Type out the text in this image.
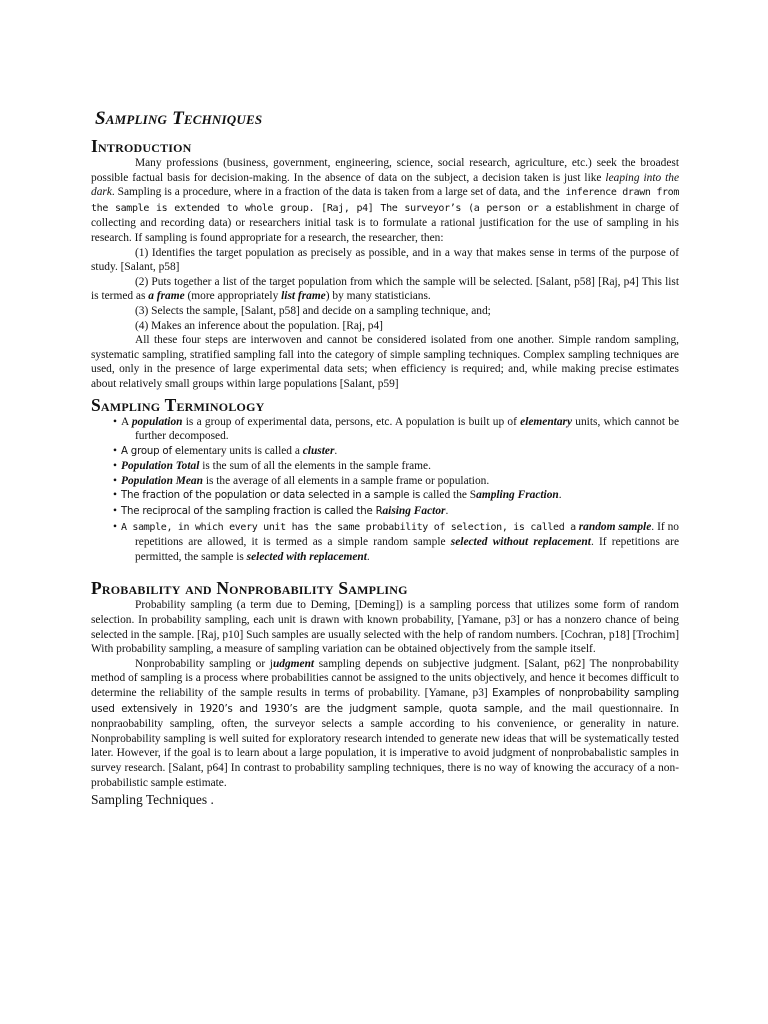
Sampling Techniques
Introduction

Many professions (business, government, engineering, science, social research, agriculture, etc.) seek the broadest possible factual basis for decision-making. In the absence of data on the subject, a decision taken is just like leaping into the dark. Sampling is a procedure, where in a fraction of the data is taken from a large set of data, and the inference drawn from the sample is extended to whole group. [Raj, p4] The surveyor’s (a person or a establishment in charge of collecting and recording data) or researchers initial task is to formulate a rational justification for the use of sampling in his research. If sampling is found appropriate for a research, the researcher, then:

(1) Identifies the target population as precisely as possible, and in a way that makes sense in terms of the purpose of study. [Salant, p58]

(2) Puts together a list of the target population from which the sample will be selected. [Salant, p58] [Raj, p4] This list is termed as a frame (more appropriately list frame) by many statisticians.

(3) Selects the sample, [Salant, p58] and decide on a sampling technique, and;

(4) Makes an inference about the population. [Raj, p4]

All these four steps are interwoven and cannot be considered isolated from one another. Simple random sampling, systematic sampling, stratified sampling fall into the category of simple sampling techniques. Complex sampling techniques are used, only in the presence of large experimental data sets; when efficiency is required; and, while making precise estimates about relatively small groups within large populations [Salant, p59]

Sampling Terminology
• A population is a group of experimental data, persons, etc. A population is built up of elementary units, which cannot be further decomposed.
• A group of elementary units is called a cluster.
• Population Total is the sum of all the elements in the sample frame.
• Population Mean is the average of all elements in a sample frame or population.
• The fraction of the population or data selected in a sample is called the Sampling Fraction.
• The reciprocal of the sampling fraction is called the Raising Factor.
• A sample, in which every unit has the same probability of selection, is called a random sample. If no repetitions are allowed, it is termed as a simple random sample selected without replacement. If repetitions are permitted, the sample is selected with replacement.
Probability and Nonprobability Sampling

Probability sampling (a term due to Deming, [Deming]) is a sampling porcess that utilizes some form of random selection. In probability sampling, each unit is drawn with known probability, [Yamane, p3] or has a nonzero chance of being selected in the sample. [Raj, p10] Such samples are usually selected with the help of random numbers. [Cochran, p18] [Trochim] With probability sampling, a measure of sampling variation can be obtained objectively from the sample itself.

Nonprobability sampling or judgment sampling depends on subjective judgment. [Salant, p62] The nonprobability method of sampling is a process where probabilities cannot be assigned to the units objectively, and hence it becomes difficult to determine the reliability of the sample results in terms of probability. [Yamane, p3] Examples of nonprobability sampling used extensively in 1920’s and 1930’s are the judgment sample, quota sample, and the mail questionnaire. In nonpraobability sampling, often, the surveyor selects a sample according to his convenience, or generality in nature. Nonprobability sampling is well suited for exploratory research intended to generate new ideas that will be systematically tested later. However, if the goal is to learn about a large population, it is imperative to avoid judgment of nonprobabalistic samples in survey research. [Salant, p64] In contrast to probability sampling techniques, there is no way of knowing the accuracy of a non-probabilistic sample estimate.

Sampling Techniques .
